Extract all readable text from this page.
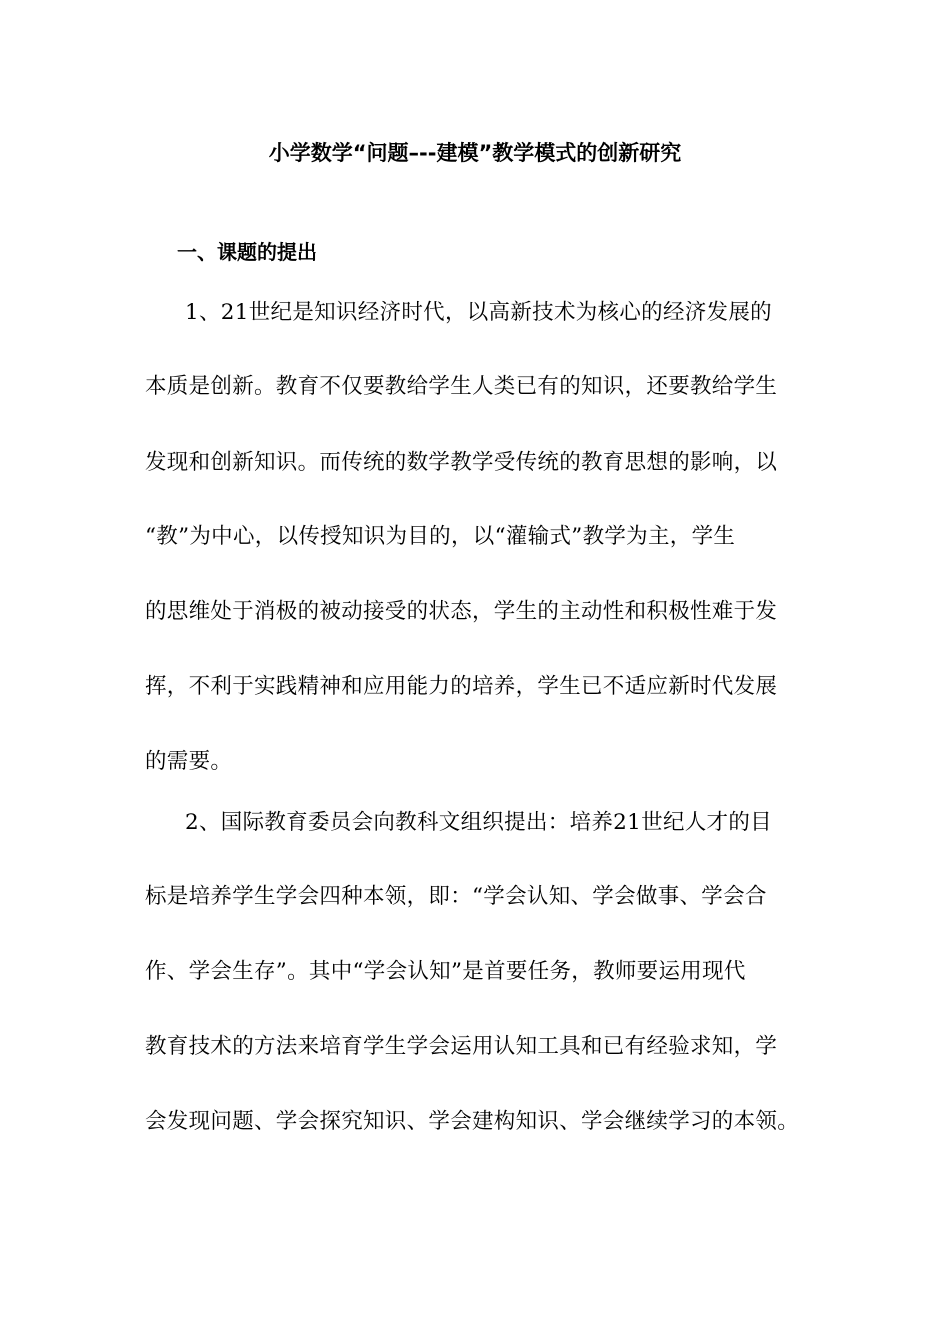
小学数学“问题–--建模”教学模式的创新研究
一、课题的提出
1、21世纪是知识经济时代，以高新技术为核心的经济发展的
本质是创新。教育不仅要教给学生人类已有的知识，还要教给学生
发现和创新知识。而传统的数学教学受传统的教育思想的影响，以
“教”为中心，以传授知识为目的，以“灌输式”教学为主，学生
的思维处于消极的被动接受的状态，学生的主动性和积极性难于发
挥，不利于实践精神和应用能力的培养，学生已不适应新时代发展
的需要。
2、国际教育委员会向教科文组织提出：培养21世纪人才的目
标是培养学生学会四种本领，即：“学会认知、学会做事、学会合
作、学会生存”。其中“学会认知”是首要任务，教师要运用现代
教育技术的方法来培育学生学会运用认知工具和已有经验求知，学
会发现问题、学会探究知识、学会建构知识、学会继续学习的本领。
